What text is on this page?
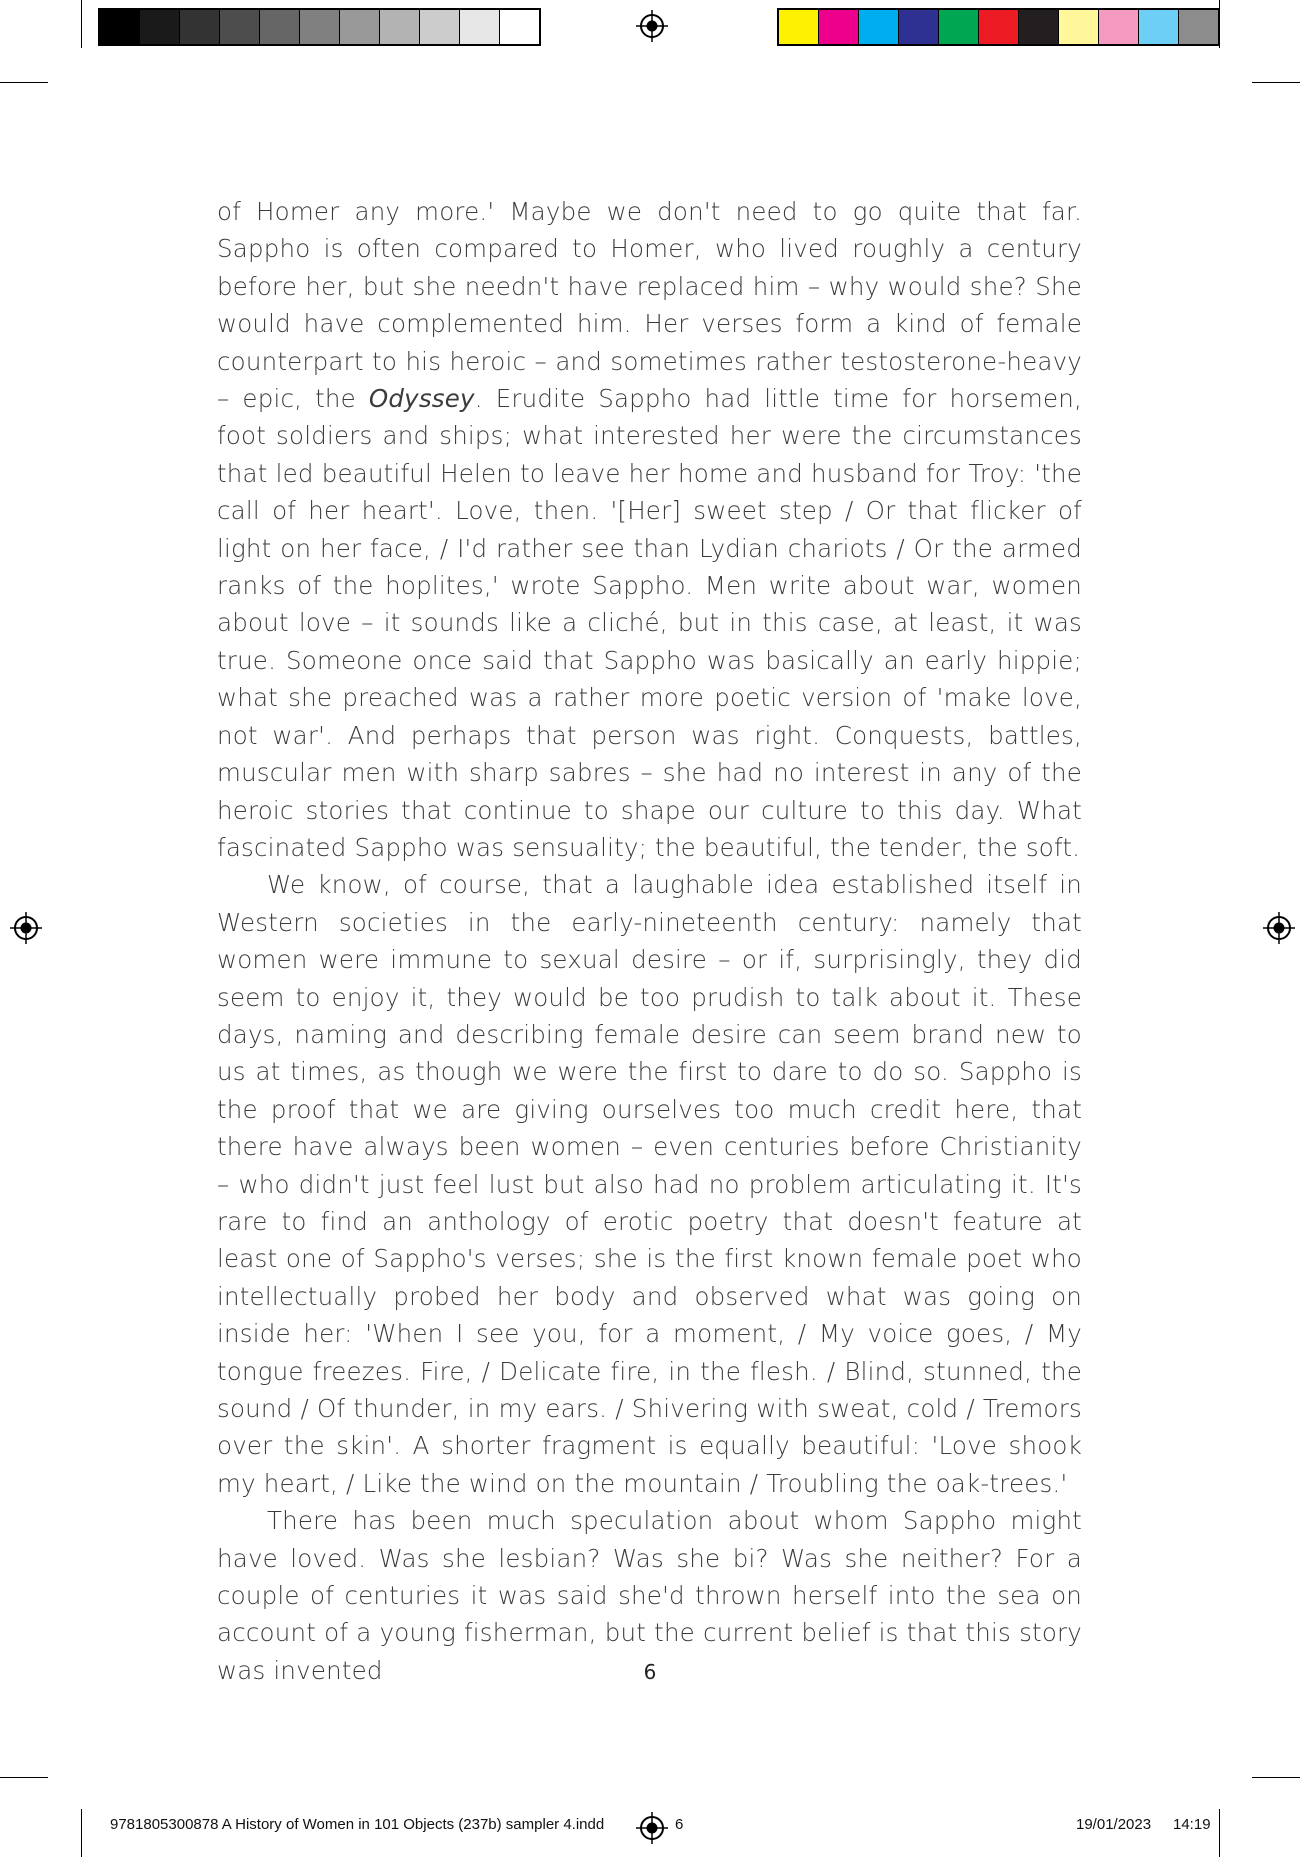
of Homer any more.' Maybe we don't need to go quite that far. Sappho is often compared to Homer, who lived roughly a century before her, but she needn't have replaced him – why would she? She would have complemented him. Her verses form a kind of female counterpart to his heroic – and sometimes rather testosterone-heavy – epic, the Odyssey. Erudite Sappho had little time for horsemen, foot soldiers and ships; what interested her were the circumstances that led beautiful Helen to leave her home and husband for Troy: 'the call of her heart'. Love, then. '[Her] sweet step / Or that flicker of light on her face, / I'd rather see than Lydian chariots / Or the armed ranks of the hoplites,' wrote Sappho. Men write about war, women about love – it sounds like a cliché, but in this case, at least, it was true. Someone once said that Sappho was basically an early hippie; what she preached was a rather more poetic version of 'make love, not war'. And perhaps that person was right. Conquests, battles, muscular men with sharp sabres – she had no interest in any of the heroic stories that continue to shape our culture to this day. What fascinated Sappho was sensuality; the beautiful, the tender, the soft.

We know, of course, that a laughable idea established itself in Western societies in the early-nineteenth century: namely that women were immune to sexual desire – or if, surprisingly, they did seem to enjoy it, they would be too prudish to talk about it. These days, naming and describing female desire can seem brand new to us at times, as though we were the first to dare to do so. Sappho is the proof that we are giving ourselves too much credit here, that there have always been women – even centuries before Christianity – who didn't just feel lust but also had no problem articulating it. It's rare to find an anthology of erotic poetry that doesn't feature at least one of Sappho's verses; she is the first known female poet who intellectually probed her body and observed what was going on inside her: 'When I see you, for a moment, / My voice goes, / My tongue freezes. Fire, / Delicate fire, in the flesh. / Blind, stunned, the sound / Of thunder, in my ears. / Shivering with sweat, cold / Tremors over the skin'. A shorter fragment is equally beautiful: 'Love shook my heart, / Like the wind on the mountain / Troubling the oak-trees.'

There has been much speculation about whom Sappho might have loved. Was she lesbian? Was she bi? Was she neither? For a couple of centuries it was said she'd thrown herself into the sea on account of a young fisherman, but the current belief is that this story was invented	6
9781805300878 A History of Women in 101 Objects (237b) sampler 4.indd	6	19/01/2023 14:19
